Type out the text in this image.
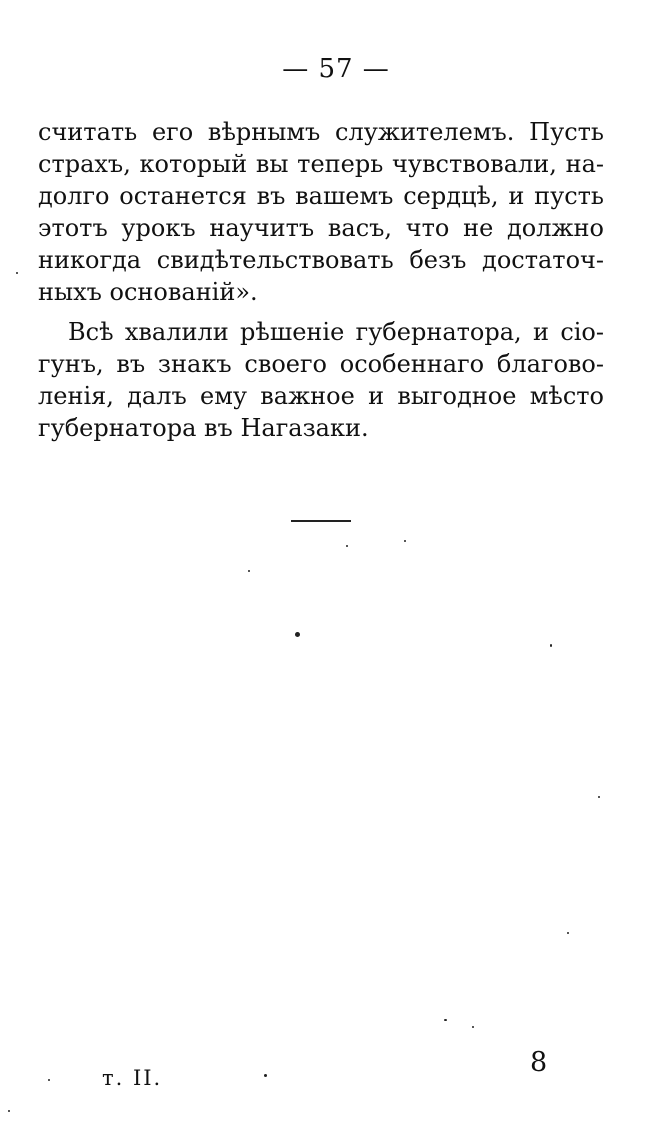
— 57 —

считать его вѣрнымъ служителемъ. Пусть
страхъ, который вы теперь чувствовали, на-
долго останется въ вашемъ сердцѣ, и пусть
этотъ урокъ научитъ васъ, что не должно
никогда свидѣтельствовать безъ достаточ-
ныхъ основаній».

Всѣ хвалили рѣшеніе губернатора, и сіо-
гунъ, въ знакъ своего особеннаго благово-
ленія, далъ ему важное и выгодное мѣсто
губернатора въ Нагазаки.

т. II.	8
